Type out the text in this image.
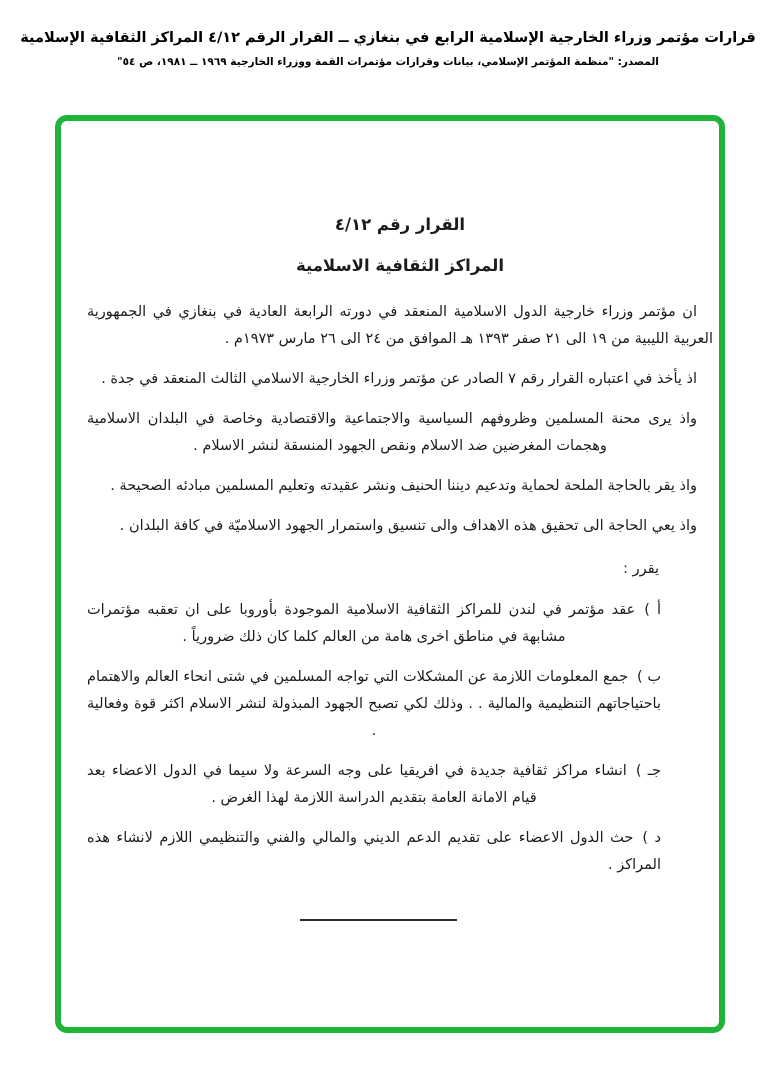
قرارات مؤتمر وزراء الخارجية الإسلامية الرابع في بنغازي ــ القرار الرقم ٤/١٢ المراكز الثقافية الإسلامية
المصدر: "منظمة المؤتمر الإسلامي، بيانات وقرارات مؤتمرات القمة ووزراء الخارجية ١٩٦٩ ــ ١٩٨١، ص ٥٤"
القرار رقم ٤/١٢
المراكز الثقافية الاسلامية

ان مؤتمر وزراء خارجية الدول الاسلامية المنعقد في دورته الرابعة العادية في بنغازي في الجمهورية العربية الليبية من ١٩ الى ٢١ صفر ١٣٩٣ هـ الموافق من ٢٤ الى ٢٦ مارس ١٩٧٣م .

اذ يأخذ في اعتباره القرار رقم ٧ الصادر عن مؤتمر وزراء الخارجية الاسلامي الثالث المنعقد في جدة .

واذ يرى محنة المسلمين وظروفهم السياسية والاجتماعية والاقتصادية وخاصة في البلدان الاسلامية وهجمات المغرضين ضد الاسلام ونقص الجهود المنسقة لنشر الاسلام .

واذ يقر بالحاجة الملحة لحماية وتدعيم ديننا الحنيف ونشر عقيدته وتعليم المسلمين مبادئه الصحيحة .

واذ يعي الحاجة الى تحقيق هذه الاهداف والى تنسيق واستمرار الجهود الاسلاميّة في كافة البلدان .

يقرر :

أ )عقد مؤتمر في لندن للمراكز الثقافية الاسلامية الموجودة بأوروبا على ان تعقبه مؤتمرات مشابهة في مناطق اخرى هامة من العالم كلما كان ذلك ضرورياً .

ب )جمع المعلومات اللازمة عن المشكلات التي تواجه المسلمين في شتى انحاء العالم والاهتمام باحتياجاتهم التنظيمية والمالية . . وذلك لكي تصبح الجهود المبذولة لنشر الاسلام اكثر قوة وفعالية .

جـ )انشاء مراكز ثقافية جديدة في افريقيا على وجه السرعة ولا سيما في الدول الاعضاء بعد قيام الامانة العامة بتقديم الدراسة اللازمة لهذا الغرض .

د )حث الدول الاعضاء على تقديم الدعم الديني والمالي والفني والتنظيمي اللازم لانشاء هذه المراكز .
